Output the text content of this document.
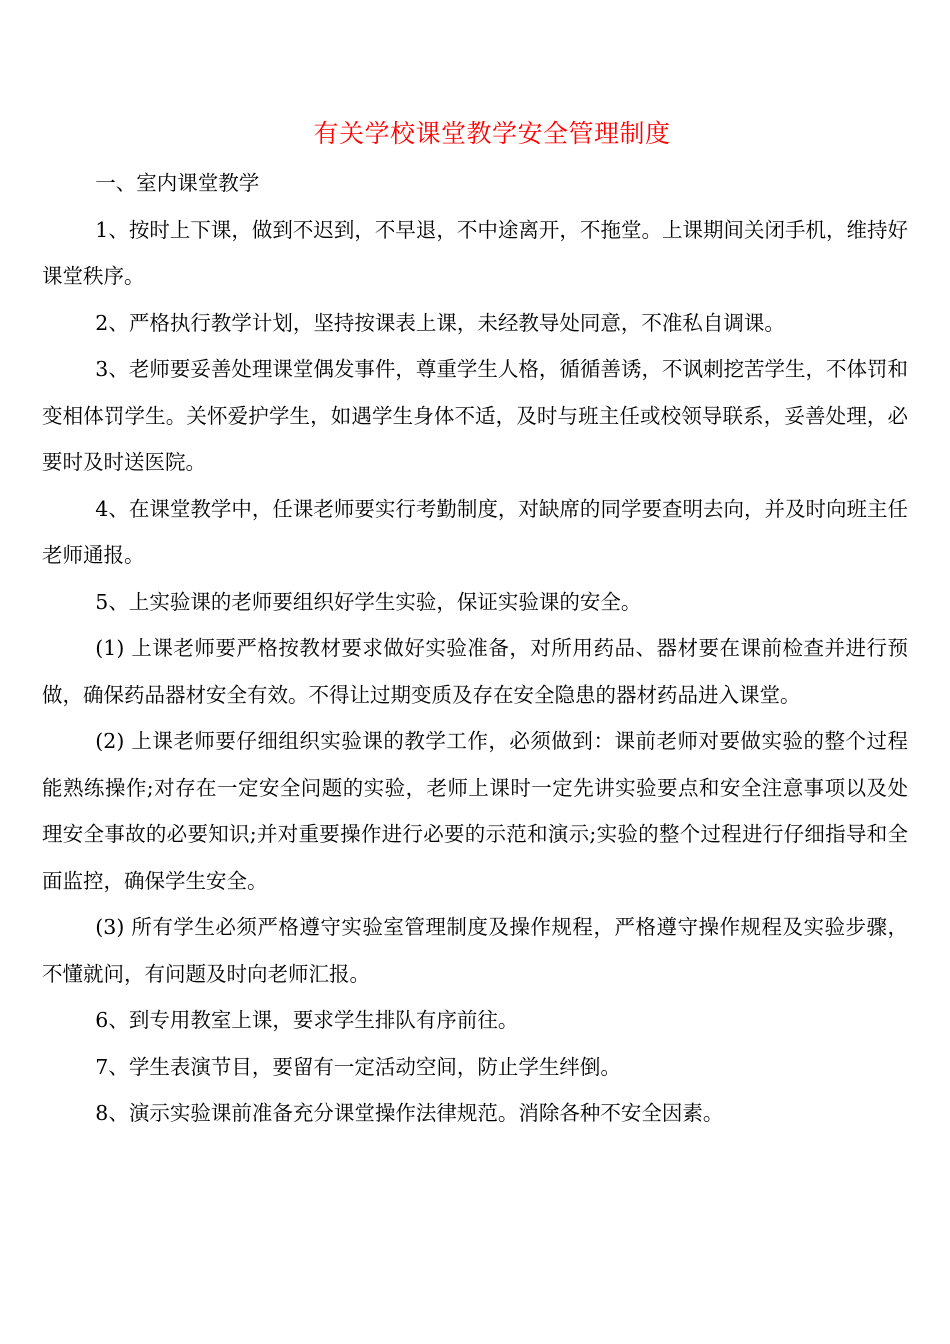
有关学校课堂教学安全管理制度

一、室内课堂教学

1、按时上下课，做到不迟到，不早退，不中途离开，不拖堂。上课期间关闭手机，维持好课堂秩序。

2、严格执行教学计划，坚持按课表上课，未经教导处同意，不准私自调课。

3、老师要妥善处理课堂偶发事件，尊重学生人格，循循善诱，不讽刺挖苦学生，不体罚和变相体罚学生。关怀爱护学生，如遇学生身体不适，及时与班主任或校领导联系，妥善处理，必要时及时送医院。

4、在课堂教学中，任课老师要实行考勤制度，对缺席的同学要查明去向，并及时向班主任老师通报。

5、上实验课的老师要组织好学生实验，保证实验课的安全。

(1) 上课老师要严格按教材要求做好实验准备，对所用药品、器材要在课前检查并进行预做，确保药品器材安全有效。不得让过期变质及存在安全隐患的器材药品进入课堂。

(2) 上课老师要仔细组织实验课的教学工作，必须做到：课前老师对要做实验的整个过程能熟练操作;对存在一定安全问题的实验，老师上课时一定先讲实验要点和安全注意事项以及处理安全事故的必要知识;并对重要操作进行必要的示范和演示;实验的整个过程进行仔细指导和全面监控，确保学生安全。

(3) 所有学生必须严格遵守实验室管理制度及操作规程，严格遵守操作规程及实验步骤，不懂就问，有问题及时向老师汇报。

6、到专用教室上课，要求学生排队有序前往。

7、学生表演节目，要留有一定活动空间，防止学生绊倒。

8、演示实验课前准备充分课堂操作法律规范。消除各种不安全因素。
